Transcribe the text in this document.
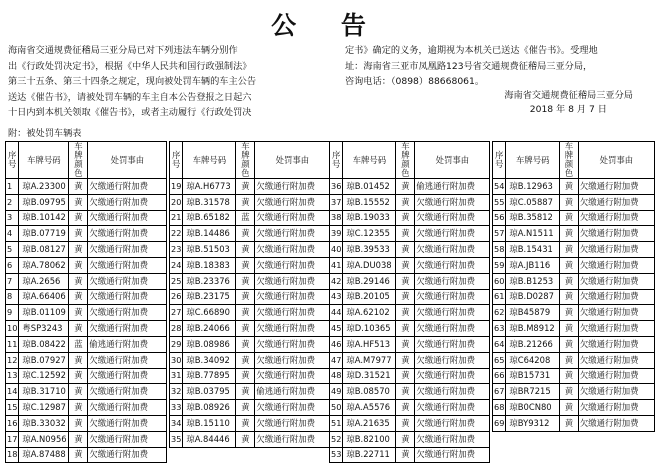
公 告
海南省交通规费征稽局三亚分局已对下列违法车辆分别作
出《行政处罚决定书》，根据《中华人民共和国行政强制法》
第三十五条、第三十四条之规定，现向被处罚车辆的车主公告
送达《催告书》，请被处罚车辆的车主自本公告登报之日起六
十日内到本机关领取《催告书》，或者主动履行《行政处罚决
定书》确定的义务，逾期视为本机关已送达《催告书》。受理地
址：海南省三亚市凤凰路123号省交通规费征稽局三亚分局，
咨询电话：（0898）88668061。
海南省交通规费征稽局三亚分局
2018 年 8 月 7 日
附：被处罚车辆表
序号	车牌号码	车牌颜色	处罚事由
1	琼A.23300	黄	欠缴通行附加费
2	琼B.09795	黄	欠缴通行附加费
3	琼B.10142	黄	欠缴通行附加费
4	琼B.07719	黄	欠缴通行附加费
5	琼B.08127	黄	欠缴通行附加费
6	琼A.78062	黄	欠缴通行附加费
7	琼A.2656	黄	欠缴通行附加费
8	琼A.66406	黄	欠缴通行附加费
9	琼B.01109	黄	欠缴通行附加费
10	粤SP3243	黄	欠缴通行附加费
11	琼B.08422	蓝	偷逃通行附加费
12	琼B.07927	黄	欠缴通行附加费
13	琼C.12592	黄	欠缴通行附加费
14	琼B.31710	黄	欠缴通行附加费
15	琼C.12987	黄	欠缴通行附加费
16	琼B.33032	黄	欠缴通行附加费
17	琼A.N0956	黄	欠缴通行附加费
18	琼A.87488	黄	欠缴通行附加费
序号	车牌号码	车牌颜色	处罚事由
19	琼A.H6773	黄	欠缴通行附加费
20	琼B.31578	黄	欠缴通行附加费
21	琼B.65182	蓝	欠缴通行附加费
22	琼B.14486	黄	欠缴通行附加费
23	琼B.51503	黄	欠缴通行附加费
24	琼B.18383	黄	欠缴通行附加费
25	琼B.23376	黄	欠缴通行附加费
26	琼B.23175	黄	欠缴通行附加费
27	琼C.66890	黄	欠缴通行附加费
28	琼B.24066	黄	欠缴通行附加费
29	琼B.08986	黄	欠缴通行附加费
30	琼B.34092	黄	欠缴通行附加费
31	琼B.77895	黄	欠缴通行附加费
32	琼B.03795	黄	偷逃通行附加费
33	琼B.08926	黄	欠缴通行附加费
34	琼B.15110	黄	欠缴通行附加费
35	琼A.84446	黄	欠缴通行附加费
序号	车牌号码	车牌颜色	处罚事由
36	琼B.01452	黄	偷逃通行附加费
37	琼B.15552	黄	欠缴通行附加费
38	琼B.19033	黄	欠缴通行附加费
39	琼C.12355	黄	欠缴通行附加费
40	琼B.39533	黄	欠缴通行附加费
41	琼A.DU038	黄	欠缴通行附加费
42	琼B.29146	黄	欠缴通行附加费
43	琼B.20105	黄	欠缴通行附加费
44	琼A.62102	黄	欠缴通行附加费
45	琼D.10365	黄	欠缴通行附加费
46	琼A.HF513	黄	欠缴通行附加费
47	琼A.M7977	黄	欠缴通行附加费
48	琼D.31521	黄	欠缴通行附加费
49	琼B.08570	黄	欠缴通行附加费
50	琼A.A5576	黄	欠缴通行附加费
51	琼A.21635	黄	欠缴通行附加费
52	琼B.82100	黄	欠缴通行附加费
53	琼B.22711	黄	欠缴通行附加费
序号	车牌号码	车牌颜色	处罚事由
54	琼B.12963	黄	欠缴通行附加费
55	琼C.05887	黄	欠缴通行附加费
56	琼B.35812	黄	欠缴通行附加费
57	琼A.N1511	黄	欠缴通行附加费
58	琼B.15431	黄	欠缴通行附加费
59	琼A.JB116	黄	欠缴通行附加费
60	琼B.B1253	黄	欠缴通行附加费
61	琼B.D0287	黄	欠缴通行附加费
62	琼B45879	黄	欠缴通行附加费
63	琼B.M8912	黄	欠缴通行附加费
64	琼B.21266	黄	欠缴通行附加费
65	琼C64208	黄	欠缴通行附加费
66	琼B15731	黄	欠缴通行附加费
67	琼BR7215	黄	欠缴通行附加费
68	琼B0CN80	黄	欠缴通行附加费
69	琼BY9312	黄	欠缴通行附加费
